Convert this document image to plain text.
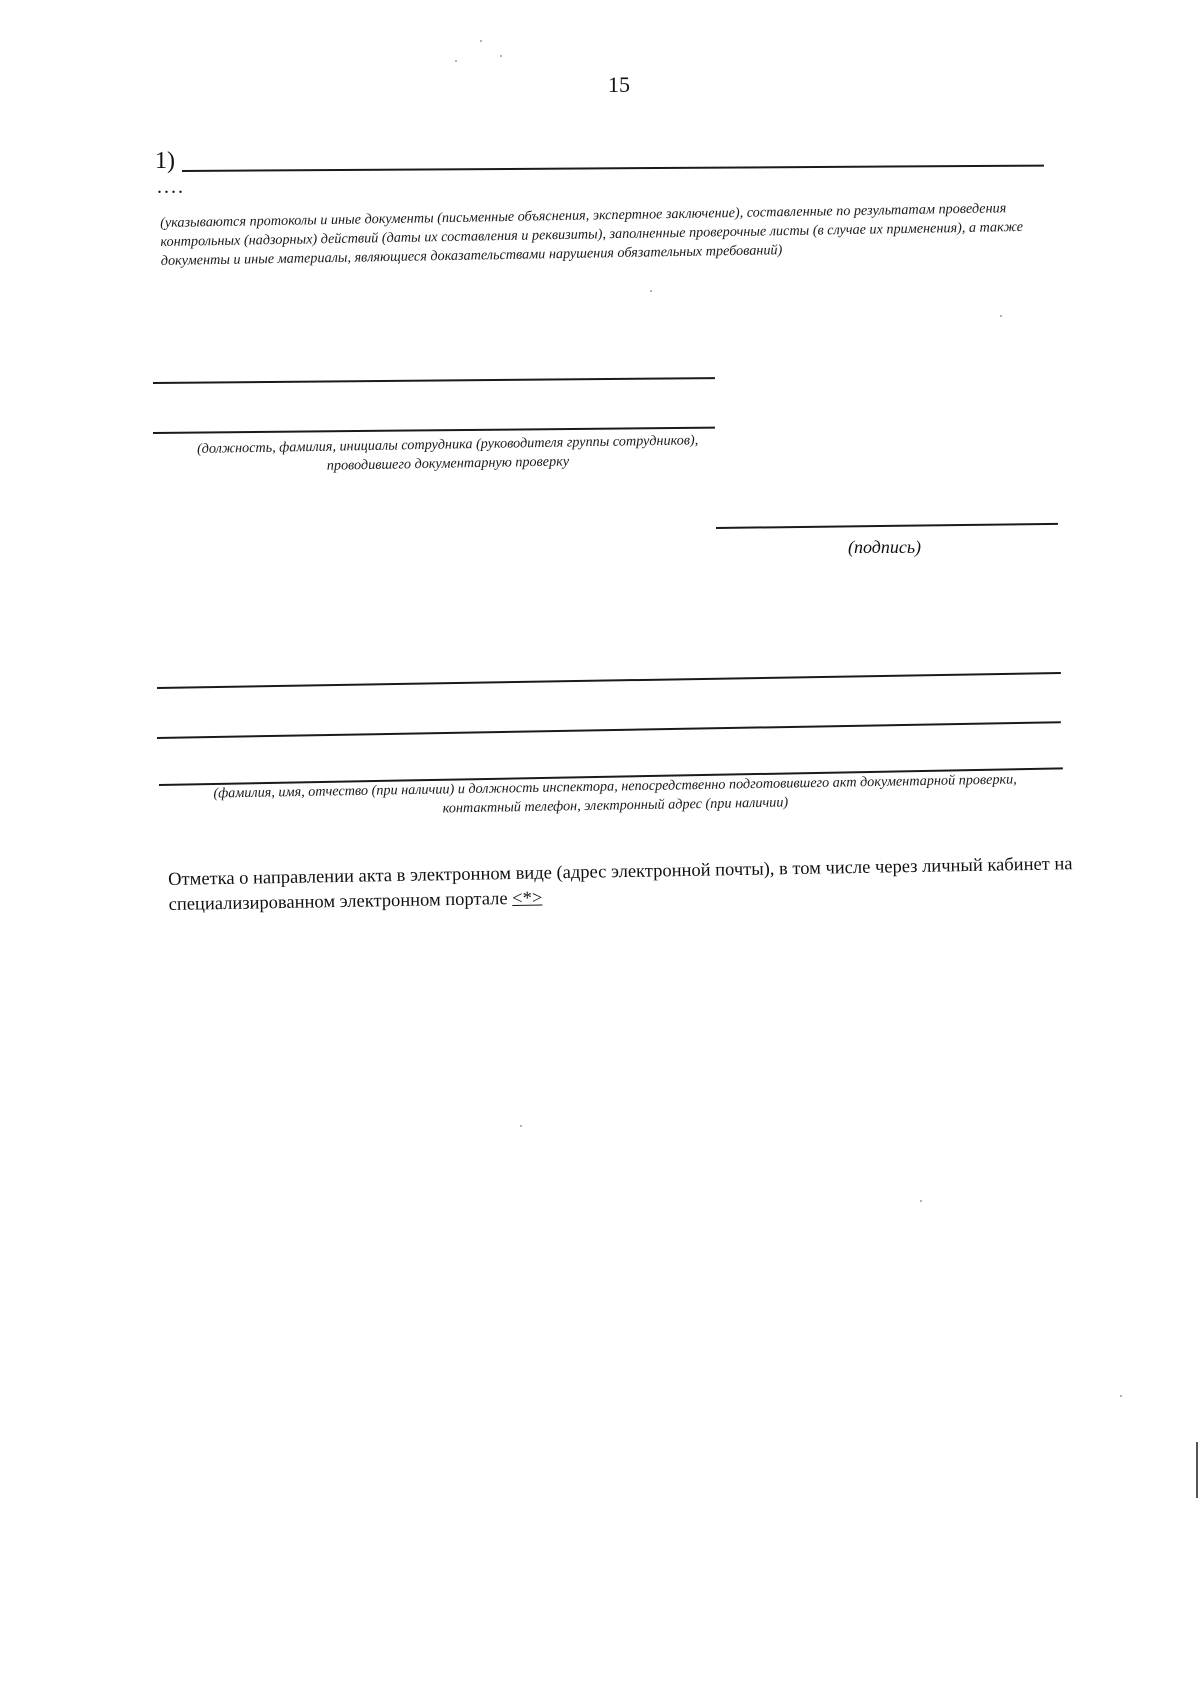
15
1)
....
(указываются протоколы и иные документы (письменные объяснения, экспертное заключение), составленные по результатам проведения контрольных (надзорных) действий (даты их составления и реквизиты), заполненные проверочные листы (в случае их применения), а также документы и иные материалы, являющиеся доказательствами нарушения обязательных требований)
(должность, фамилия, инициалы сотрудника (руководителя группы сотрудников), проводившего документарную проверку
(подпись)
(фамилия, имя, отчество (при наличии) и должность инспектора, непосредственно подготовившего акт документарной проверки, контактный телефон, электронный адрес (при наличии)
Отметка о направлении акта в электронном виде (адрес электронной почты), в том числе через личный кабинет на специализированном электронном портале <*>
